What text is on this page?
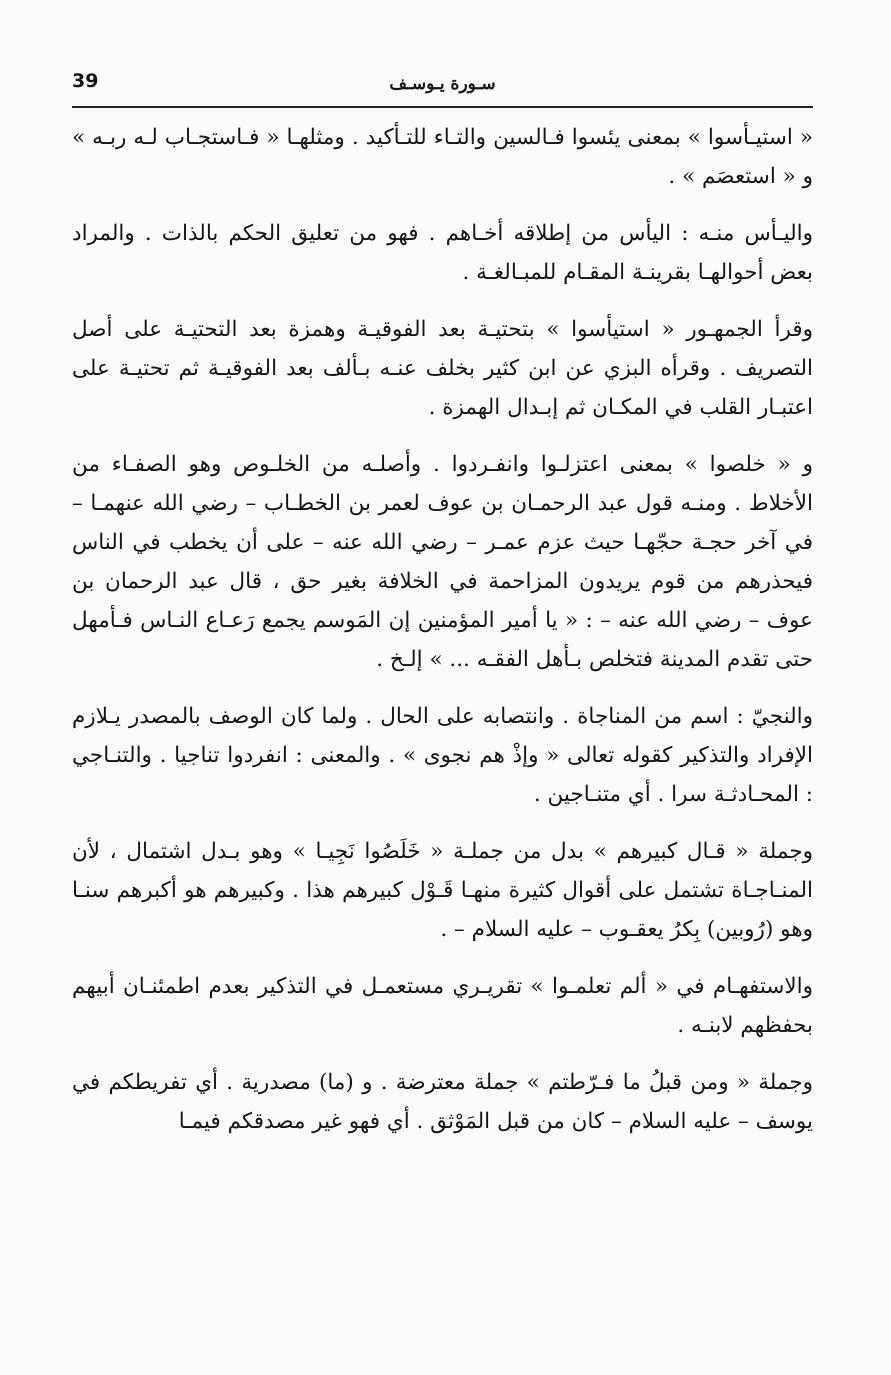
39	سـورة يـوسـف

« استيـأسوا » بمعنى يئسوا فـالسين والتـاء للتـأكيد . ومثلهـا « فـاستجـاب لـه ربـه » و « استعصَم » .

واليـأس منـه : اليأس من إطلاقه أخـاهم . فهو من تعليق الحكم بالذات . والمراد بعض أحوالهـا بقرينـة المقـام للمبـالغـة .

وقرأ الجمهـور « استيأسوا » بتحتيـة بعد الفوقيـة وهمزة بعد التحتيـة على أصل التصريف . وقرأه البزي عن ابن كثير بخلف عنـه بـألف بعد الفوقيـة ثم تحتيـة على اعتبـار القلب في المكـان ثم إبـدال الهمزة .

و « خلصوا » بمعنى اعتزلـوا وانفـردوا . وأصلـه من الخلـوص وهو الصفـاء من الأخلاط . ومنـه قول عبد الرحمـان بن عوف لعمر بن الخطـاب – رضي الله عنهمـا – في آخر حجـة حجّهـا حيث عزم عمـر – رضي الله عنه – على أن يخطب في الناس فيحذرهم من قوم يريدون المزاحمة في الخلافة بغير حق ، قال عبد الرحمان بن عوف – رضي الله عنه – : « يا أمير المؤمنين إن المَوسم يجمع رَعـاع النـاس فـأمهل حتى تقدم المدينة فتخلص بـأهل الفقـه ... » إلـخ .

والنجيّ : اسم من المناجاة . وانتصابه على الحال . ولما كان الوصف بالمصدر يـلازم الإفراد والتذكير كقوله تعالى « وإذْ هم نجوى » . والمعنى : انفردوا تناجيا . والتنـاجي : المحـادثـة سرا . أي متنـاجين .

وجملة « قـال كبيرهم » بدل من جملـة « خَلَصُوا نَجِيـا » وهو بـدل اشتمال ، لأن المنـاجـاة تشتمل على أقوال كثيرة منهـا قَـوْل كبيرهم هذا . وكبيرهم هو أكبرهم سنـا وهو (رُوبين) بِكرُ يعقـوب – عليه السلام – .

والاستفهـام في « ألم تعلمـوا » تقريـري مستعمـل في التذكير بعدم اطمئنـان أبيهم بحفظهم لابنـه .

وجملة « ومن قبلُ ما فـرّطتم » جملة معترضة . و (ما) مصدرية . أي تفريطكم في يوسف – عليه السلام – كان من قبل المَوْثق . أي فهو غير مصدقكم فيمـا
